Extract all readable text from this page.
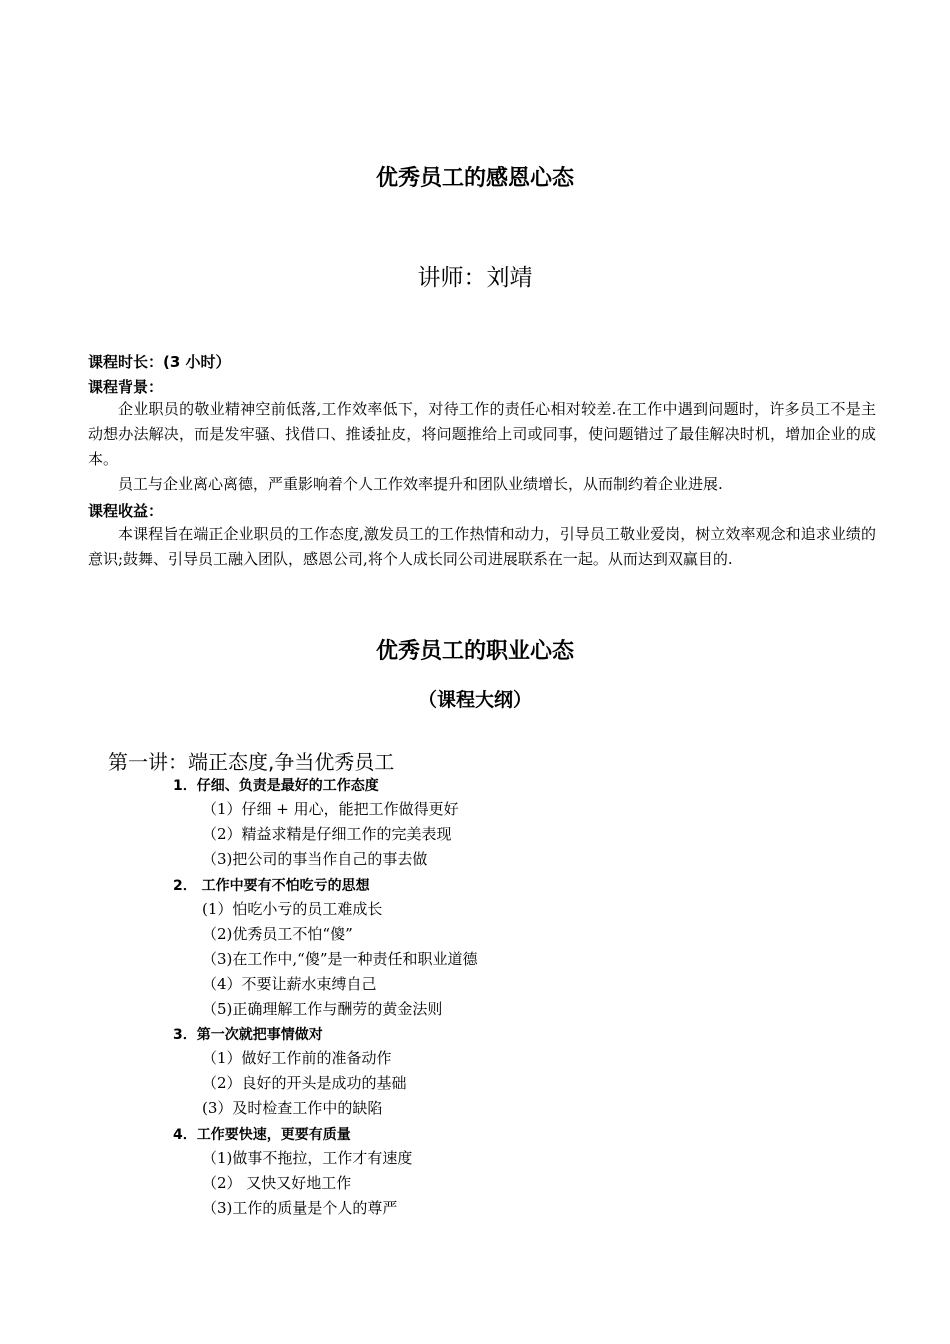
优秀员工的感恩心态
讲师：刘靖
课程时长：(3 小时）
课程背景：

企业职员的敬业精神空前低落,工作效率低下，对待工作的责任心相对较差.在工作中遇到问题时，许多员工不是主动想办法解决，而是发牢骚、找借口、推诿扯皮，将问题推给上司或同事，使问题错过了最佳解决时机，增加企业的成本。

员工与企业离心离德，严重影响着个人工作效率提升和团队业绩增长，从而制约着企业进展.

课程收益：

本课程旨在端正企业职员的工作态度,激发员工的工作热情和动力，引导员工敬业爱岗，树立效率观念和追求业绩的意识;鼓舞、引导员工融入团队，感恩公司,将个人成长同公司进展联系在一起。从而达到双赢目的.

优秀员工的职业心态
（课程大纲）
第一讲：端正态度,争当优秀员工
1．仔细、负责是最好的工作态度
（1）仔细 + 用心，能把工作做得更好
（2）精益求精是仔细工作的完美表现
（3)把公司的事当作自己的事去做
2． 工作中要有不怕吃亏的思想
(1）怕吃小亏的员工难成长
（2)优秀员工不怕“傻”
（3)在工作中,“傻”是一种责任和职业道德
（4）不要让薪水束缚自己
（5)正确理解工作与酬劳的黄金法则
3．第一次就把事情做对
（1）做好工作前的准备动作
（2）良好的开头是成功的基础
(3）及时检查工作中的缺陷
4．工作要快速，更要有质量
（1)做事不拖拉，工作才有速度
（2） 又快又好地工作
（3)工作的质量是个人的尊严
